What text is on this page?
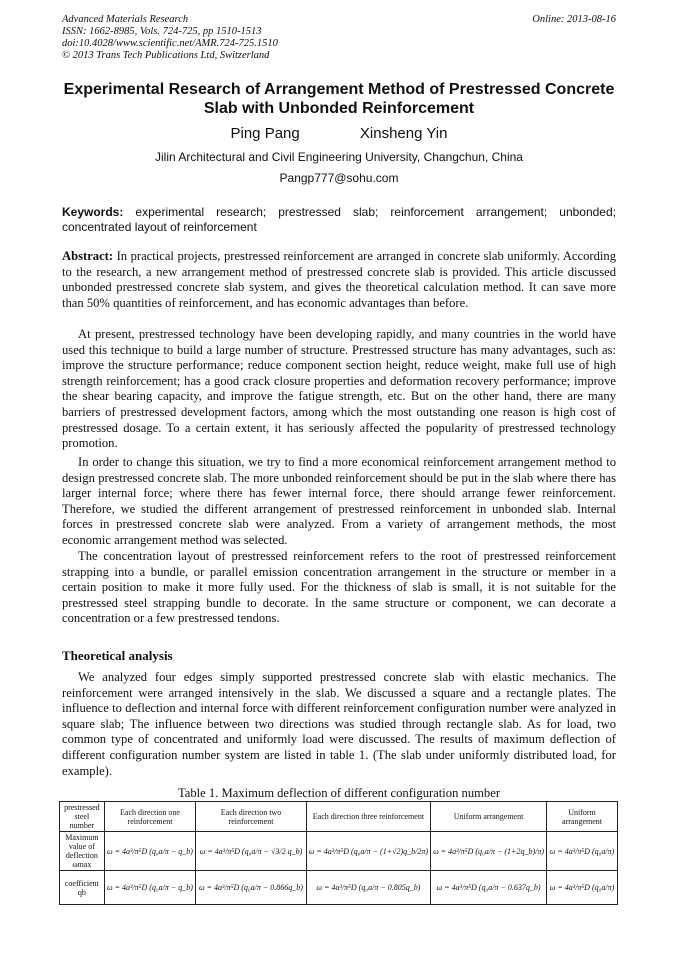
Advanced Materials Research
ISSN: 1662-8985, Vols. 724-725, pp 1510-1513
doi:10.4028/www.scientific.net/AMR.724-725.1510
© 2013 Trans Tech Publications Ltd, Switzerland
Online: 2013-08-16
Experimental Research of Arrangement Method of Prestressed Concrete Slab with Unbonded Reinforcement
Ping Pang	Xinsheng Yin
Jilin Architectural and Civil Engineering University, Changchun, China
Pangp777@sohu.com
Keywords: experimental research; prestressed slab; reinforcement arrangement; unbonded; concentrated layout of reinforcement
Abstract: In practical projects, prestressed reinforcement are arranged in concrete slab uniformly. According to the research, a new arrangement method of prestressed concrete slab is provided. This article discussed unbonded prestressed concrete slab system, and gives the theoretical calculation method. It can save more than 50% quantities of reinforcement, and has economic advantages than before.
At present, prestressed technology have been developing rapidly, and many countries in the world have used this technique to build a large number of structure. Prestressed structure has many advantages, such as: improve the structure performance; reduce component section height, reduce weight, make full use of high strength reinforcement; has a good crack closure properties and deformation recovery performance; improve the shear bearing capacity, and improve the fatigue strength, etc. But on the other hand, there are many barriers of prestressed development factors, among which the most outstanding one reason is high cost of prestressed dosage. To a certain extent, it has seriously affected the popularity of prestressed technology promotion.
In order to change this situation, we try to find a more economical reinforcement arrangement method to design prestressed concrete slab. The more unbonded reinforcement should be put in the slab where there has larger internal force; where there has fewer internal force, there should arrange fewer reinforcement. Therefore, we studied the different arrangement of prestressed reinforcement in unbonded slab. Internal forces in prestressed concrete slab were analyzed. From a variety of arrangement methods, the most economic arrangement method was selected.
The concentration layout of prestressed reinforcement refers to the root of prestressed reinforcement strapping into a bundle, or parallel emission concentration arrangement in the structure or member in a certain position to make it more fully used. For the thickness of slab is small, it is not suitable for the prestressed steel strapping bundle to decorate. In the same structure or component, we can decorate a concentration or a few prestressed tendons.
Theoretical analysis
We analyzed four edges simply supported prestressed concrete slab with elastic mechanics. The reinforcement were arranged intensively in the slab. We discussed a square and a rectangle plates. The influence to deflection and internal force with different reinforcement configuration number were analyzed in square slab; The influence between two directions was studied through rectangle slab. As for load, two common type of concentrated and uniformly load were discussed. The results of maximum deflection of different configuration number system are listed in table 1. (The slab under uniformly distributed load, for example).
Table 1. Maximum deflection of different configuration number
prestressed steel number	Each direction one reinforcement	Each direction two reinforcement	Each direction three reinforcement	Uniform arrangement	Uniform arrangement
Maximum value of deflection ωmax	ω = 4a³/π⁵D (q₀a/π − q_b)	ω = 4a³/π⁵D (q₀a/π − √3/2 q_b)	ω = 4a³/π⁵D (q₀a/π − (1+√2)q_b/2π)	ω = 4a³/π⁵D (q₀a/π − (1+2q_b)/π)	ω = 4a³/π⁵D (q₀a/π)
coefficient qb	ω = 4a³/π⁵D (q₀a/π − q_b)	ω = 4a³/π⁵D (q₀a/π − 0.866q_b)	ω = 4a³/π⁵D (q₀a/π − 0.805q_b)	ω = 4a³/π⁵D (q₀a/π − 0.637q_b)	ω = 4a³/π⁵D (q₀a/π)
